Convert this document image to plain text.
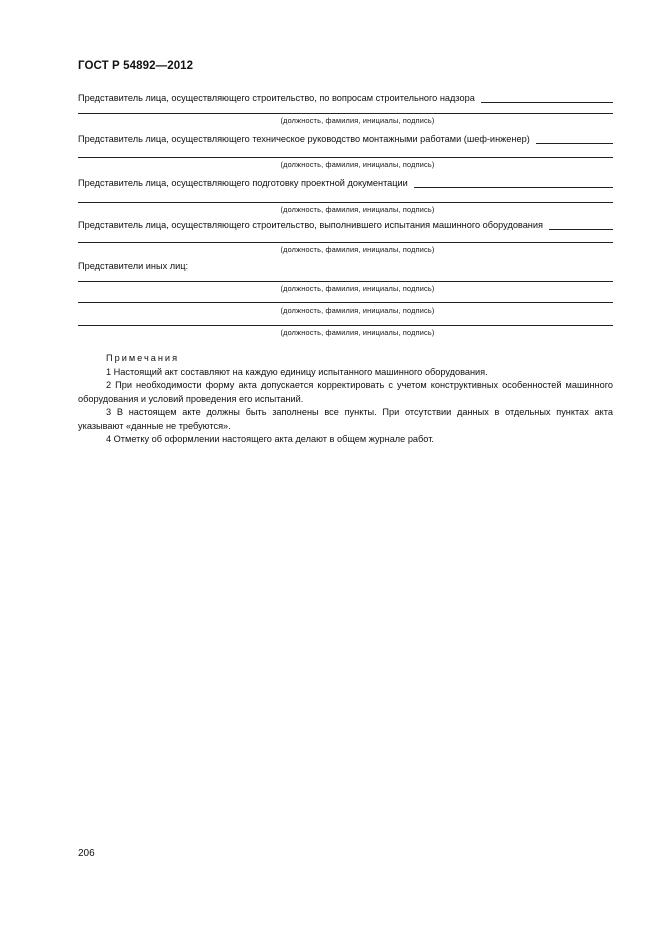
ГОСТ Р 54892—2012
Представитель лица, осуществляющего строительство, по вопросам строительного надзора
(должность, фамилия, инициалы, подпись)
Представитель лица, осуществляющего техническое руководство монтажными работами (шеф-инженер)
(должность, фамилия, инициалы, подпись)
Представитель лица, осуществляющего подготовку проектной документации
(должность, фамилия, инициалы, подпись)
Представитель лица, осуществляющего строительство, выполнившего испытания машинного оборудования
(должность, фамилия, инициалы, подпись)
Представители иных лиц:
(должность, фамилия, инициалы, подпись)
(должность, фамилия, инициалы, подпись)
(должность, фамилия, инициалы, подпись)
Примечания
1 Настоящий акт составляют на каждую единицу испытанного машинного оборудования.
2 При необходимости форму акта допускается корректировать с учетом конструктивных особенностей машинного оборудования и условий проведения его испытаний.
3 В настоящем акте должны быть заполнены все пункты. При отсутствии данных в отдельных пунктах акта указывают «данные не требуются».
4 Отметку об оформлении настоящего акта делают в общем журнале работ.
206
